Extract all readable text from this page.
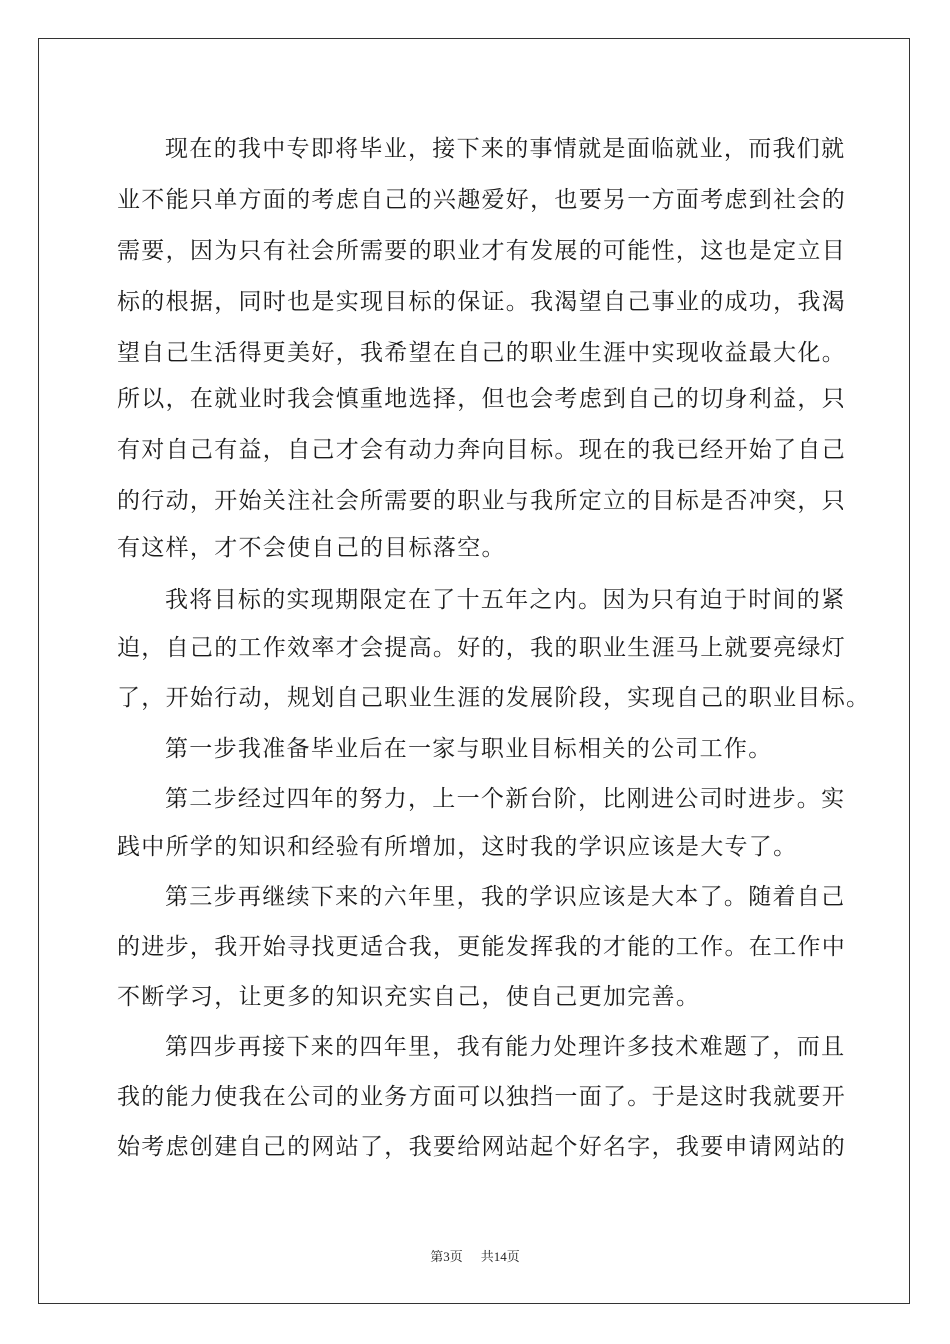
现在的我中专即将毕业，接下来的事情就是面临就业，而我们就
业不能只单方面的考虑自己的兴趣爱好，也要另一方面考虑到社会的
需要，因为只有社会所需要的职业才有发展的可能性，这也是定立目
标的根据，同时也是实现目标的保证。我渴望自己事业的成功，我渴
望自己生活得更美好，我希望在自己的职业生涯中实现收益最大化。
所以，在就业时我会慎重地选择，但也会考虑到自己的切身利益，只
有对自己有益，自己才会有动力奔向目标。现在的我已经开始了自己
的行动，开始关注社会所需要的职业与我所定立的目标是否冲突，只
有这样，才不会使自己的目标落空。
我将目标的实现期限定在了十五年之内。因为只有迫于时间的紧
迫，自己的工作效率才会提高。好的，我的职业生涯马上就要亮绿灯
了，开始行动，规划自己职业生涯的发展阶段，实现自己的职业目标。
第一步我准备毕业后在一家与职业目标相关的公司工作。
第二步经过四年的努力，上一个新台阶，比刚进公司时进步。实
践中所学的知识和经验有所增加，这时我的学识应该是大专了。
第三步再继续下来的六年里，我的学识应该是大本了。随着自己
的进步，我开始寻找更适合我，更能发挥我的才能的工作。在工作中
不断学习，让更多的知识充实自己，使自己更加完善。
第四步再接下来的四年里，我有能力处理许多技术难题了，而且
我的能力使我在公司的业务方面可以独挡一面了。于是这时我就要开
始考虑创建自己的网站了，我要给网站起个好名字，我要申请网站的
第3页 共14页
